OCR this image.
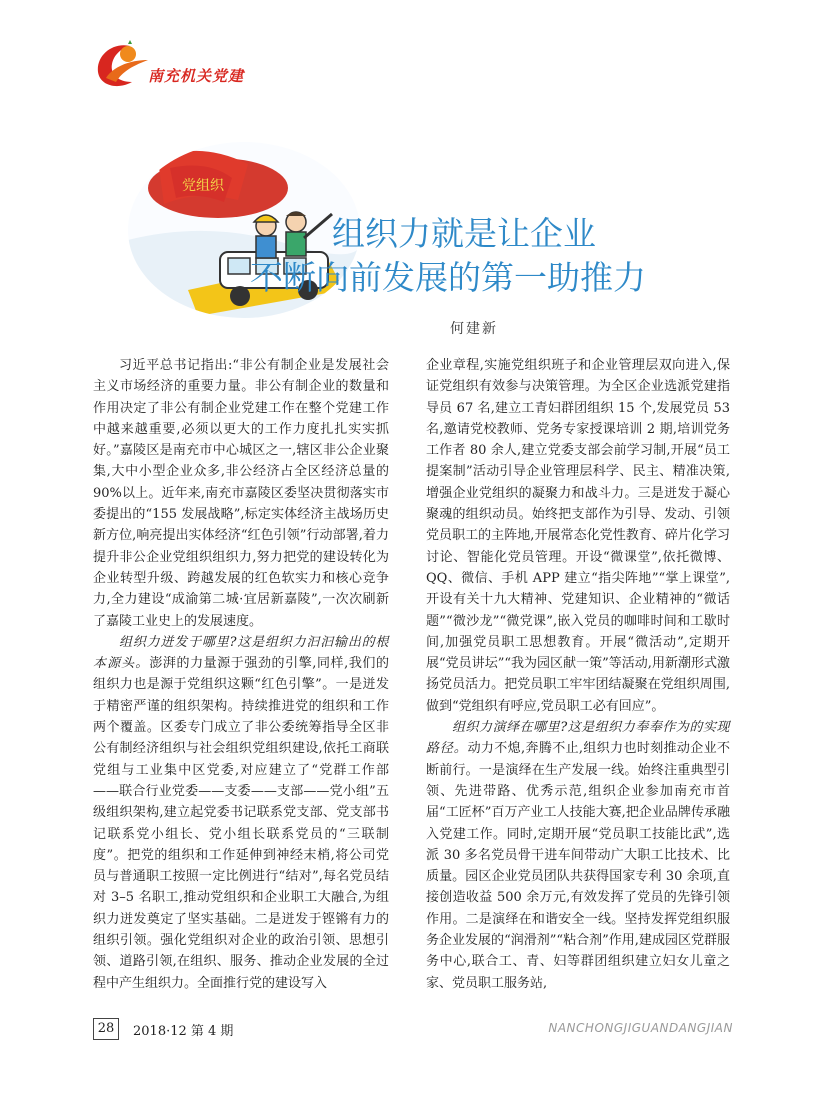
南充机关党建
党组织
组织力就是让企业
不断向前发展的第一助推力
何建新

习近平总书记指出:“非公有制企业是发展社会主义市场经济的重要力量。非公有制企业的数量和作用决定了非公有制企业党建工作在整个党建工作中越来越重要,必须以更大的工作力度扎扎实实抓好。”嘉陵区是南充市中心城区之一,辖区非公企业聚集,大中小型企业众多,非公经济占全区经济总量的90%以上。近年来,南充市嘉陵区委坚决贯彻落实市委提出的“155 发展战略”,标定实体经济主战场历史新方位,响亮提出实体经济“红色引领”行动部署,着力提升非公企业党组织组织力,努力把党的建设转化为企业转型升级、跨越发展的红色软实力和核心竞争力,全力建设“成渝第二城·宜居新嘉陵”,一次次刷新了嘉陵工业史上的发展速度。

组织力迸发于哪里?这是组织力汩汩输出的根本源头。澎湃的力量源于强劲的引擎,同样,我们的组织力也是源于党组织这颗“红色引擎”。一是迸发于精密严谨的组织架构。持续推进党的组织和工作两个覆盖。区委专门成立了非公委统筹指导全区非公有制经济组织与社会组织党组织建设,依托工商联党组与工业集中区党委,对应建立了“党群工作部——联合行业党委——支委——支部——党小组”五级组织架构,建立起党委书记联系党支部、党支部书记联系党小组长、党小组长联系党员的“三联制度”。把党的组织和工作延伸到神经末梢,将公司党员与普通职工按照一定比例进行“结对”,每名党员结对 3–5 名职工,推动党组织和企业职工大融合,为组织力迸发奠定了坚实基础。二是迸发于铿锵有力的组织引领。强化党组织对企业的政治引领、思想引领、道路引领,在组织、服务、推动企业发展的全过程中产生组织力。全面推行党的建设写入

企业章程,实施党组织班子和企业管理层双向进入,保证党组织有效参与决策管理。为全区企业选派党建指导员 67 名,建立工青妇群团组织 15 个,发展党员 53 名,邀请党校教师、党务专家授课培训 2 期,培训党务工作者 80 余人,建立党委支部会前学习制,开展“员工提案制”活动引导企业管理层科学、民主、精准决策,增强企业党组织的凝聚力和战斗力。三是迸发于凝心聚魂的组织动员。始终把支部作为引导、发动、引领党员职工的主阵地,开展常态化党性教育、碎片化学习讨论、智能化党员管理。开设“微课堂”,依托微博、QQ、微信、手机 APP 建立“指尖阵地”“掌上课堂”,开设有关十九大精神、党建知识、企业精神的“微话题”“微沙龙”“微党课”,嵌入党员的咖啡时间和工歇时间,加强党员职工思想教育。开展“微活动”,定期开展“党员讲坛”“我为园区献一策”等活动,用新潮形式激扬党员活力。把党员职工牢牢团结凝聚在党组织周围,做到“党组织有呼应,党员职工必有回应”。

组织力演绎在哪里?这是组织力奉奉作为的实现路径。动力不熄,奔腾不止,组织力也时刻推动企业不断前行。一是演绎在生产发展一线。始终注重典型引领、先进带路、优秀示范,组织企业参加南充市首届“工匠杯”百万产业工人技能大赛,把企业品牌传承融入党建工作。同时,定期开展“党员职工技能比武”,选派 30 多名党员骨干进车间带动广大职工比技术、比质量。园区企业党员团队共获得国家专利 30 余项,直接创造收益 500 余万元,有效发挥了党员的先锋引领作用。二是演绎在和谐安全一线。坚持发挥党组织服务企业发展的“润滑剂”“粘合剂”作用,建成园区党群服务中心,联合工、青、妇等群团组织建立妇女儿童之家、党员职工服务站,

28	2018·12 第 4 期	NANCHONGJIGUANDANGJIAN
